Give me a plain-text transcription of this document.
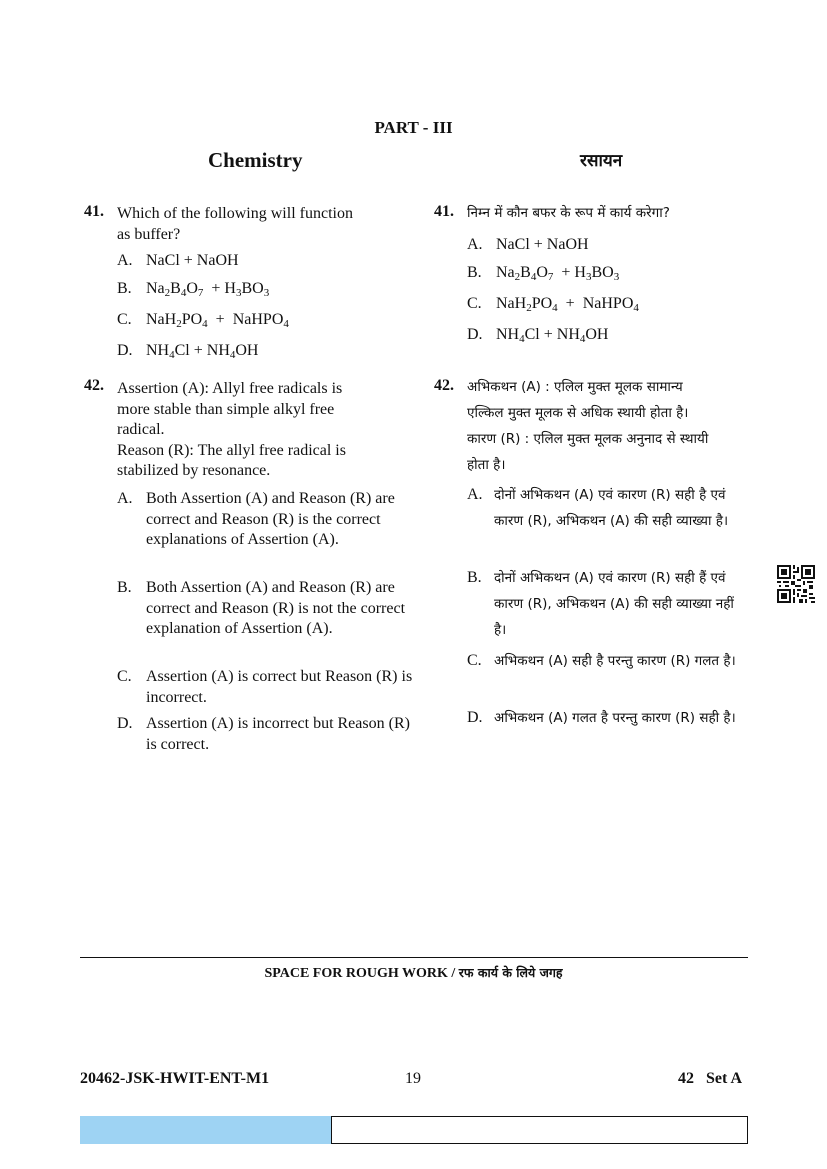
PART - III
Chemistry	रसायन
41. Which of the following will function
as buffer?
A. NaCl + NaOH
B. $Na_2B_4O_7 + H_3BO_3$
C. $NaH_2PO_4$ + NaHPO$_4$
D. $NH_4Cl + NH_4OH$
42. Assertion (A): Allyl free radicals is
more stable than simple alkyl free
radical.
Reason (R): The allyl free radical is
stabilized by resonance.
A. Both Assertion (A) and Reason (R) are correct and Reason (R) is the correct explanations of Assertion (A).
B. Both Assertion (A) and Reason (R) are correct and Reason (R) is not the correct explanation of Assertion (A).
C. Assertion (A) is correct but Reason (R) is incorrect.
D. Assertion (A) is incorrect but Reason (R) is correct.
41. निम्न में कौन बफर के रूप में कार्य करेगा?
A. NaCl + NaOH
B. $Na_2B_4O_7 + H_3BO_3$
C. $NaH_2PO_4$ + NaHPO$_4$
D. $NH_4Cl + NH_4OH$
42. अभिकथन (A) : एलिल मुक्त मूलक सामान्य
एल्किल मुक्त मूलक से अधिक स्थायी होता है।
कारण (R) : एलिल मुक्त मूलक अनुनाद से स्थायी
होता है।
A. दोनों अभिकथन (A) एवं कारण (R) सही है एवं कारण (R), अभिकथन (A) की सही व्याख्या है।
B. दोनों अभिकथन (A) एवं कारण (R) सही हैं एवं कारण (R), अभिकथन (A) की सही व्याख्या नहीं है।
C. अभिकथन (A) सही है परन्तु कारण (R) गलत है।
D. अभिकथन (A) गलत है परन्तु कारण (R) सही है।
SPACE FOR ROUGH WORK / रफ कार्य के लिये जगह
20462-JSK-HWIT-ENT-M1	19	42   Set A
